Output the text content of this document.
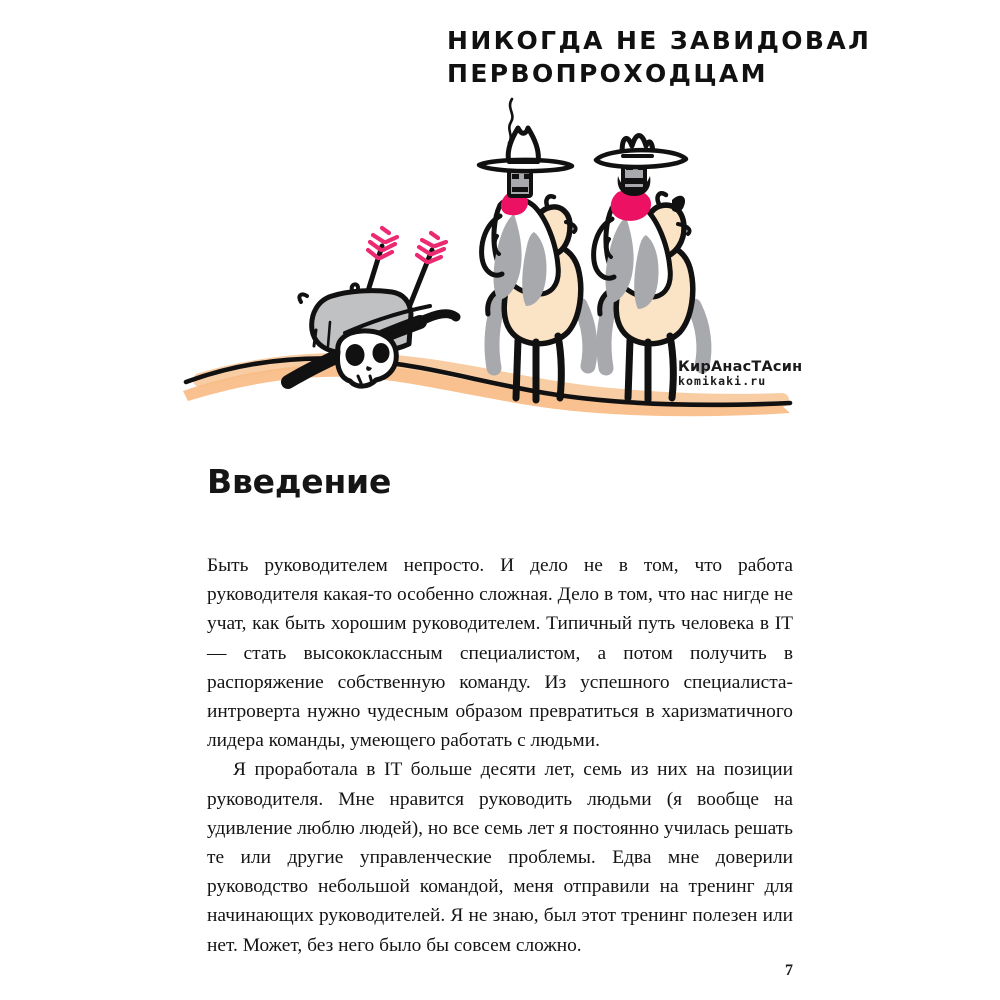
НИКОГДА НЕ ЗАВИДОВАЛ
ПЕРВОПРОХОДЦАМ
КирАнасТАсин
komikaki.ru
Введение

Быть руководителем непросто. И дело не в том, что работа руководителя какая-то особенно сложная. Дело в том, что нас нигде не учат, как быть хорошим руководителем. Типичный путь человека в IT — стать высококлассным специалистом, а потом получить в распоряжение собственную команду. Из успешного специалиста-интроверта нужно чудесным образом превратиться в харизматичного лидера команды, умеющего работать с людьми.

Я проработала в IT больше десяти лет, семь из них на позиции руководителя. Мне нравится руководить людьми (я вообще на удивление люблю людей), но все семь лет я постоянно училась решать те или другие управленческие проблемы. Едва мне доверили руководство небольшой командой, меня отправили на тренинг для начинающих руководителей. Я не знаю, был этот тренинг полезен или нет. Может, без него было бы совсем сложно.

7
